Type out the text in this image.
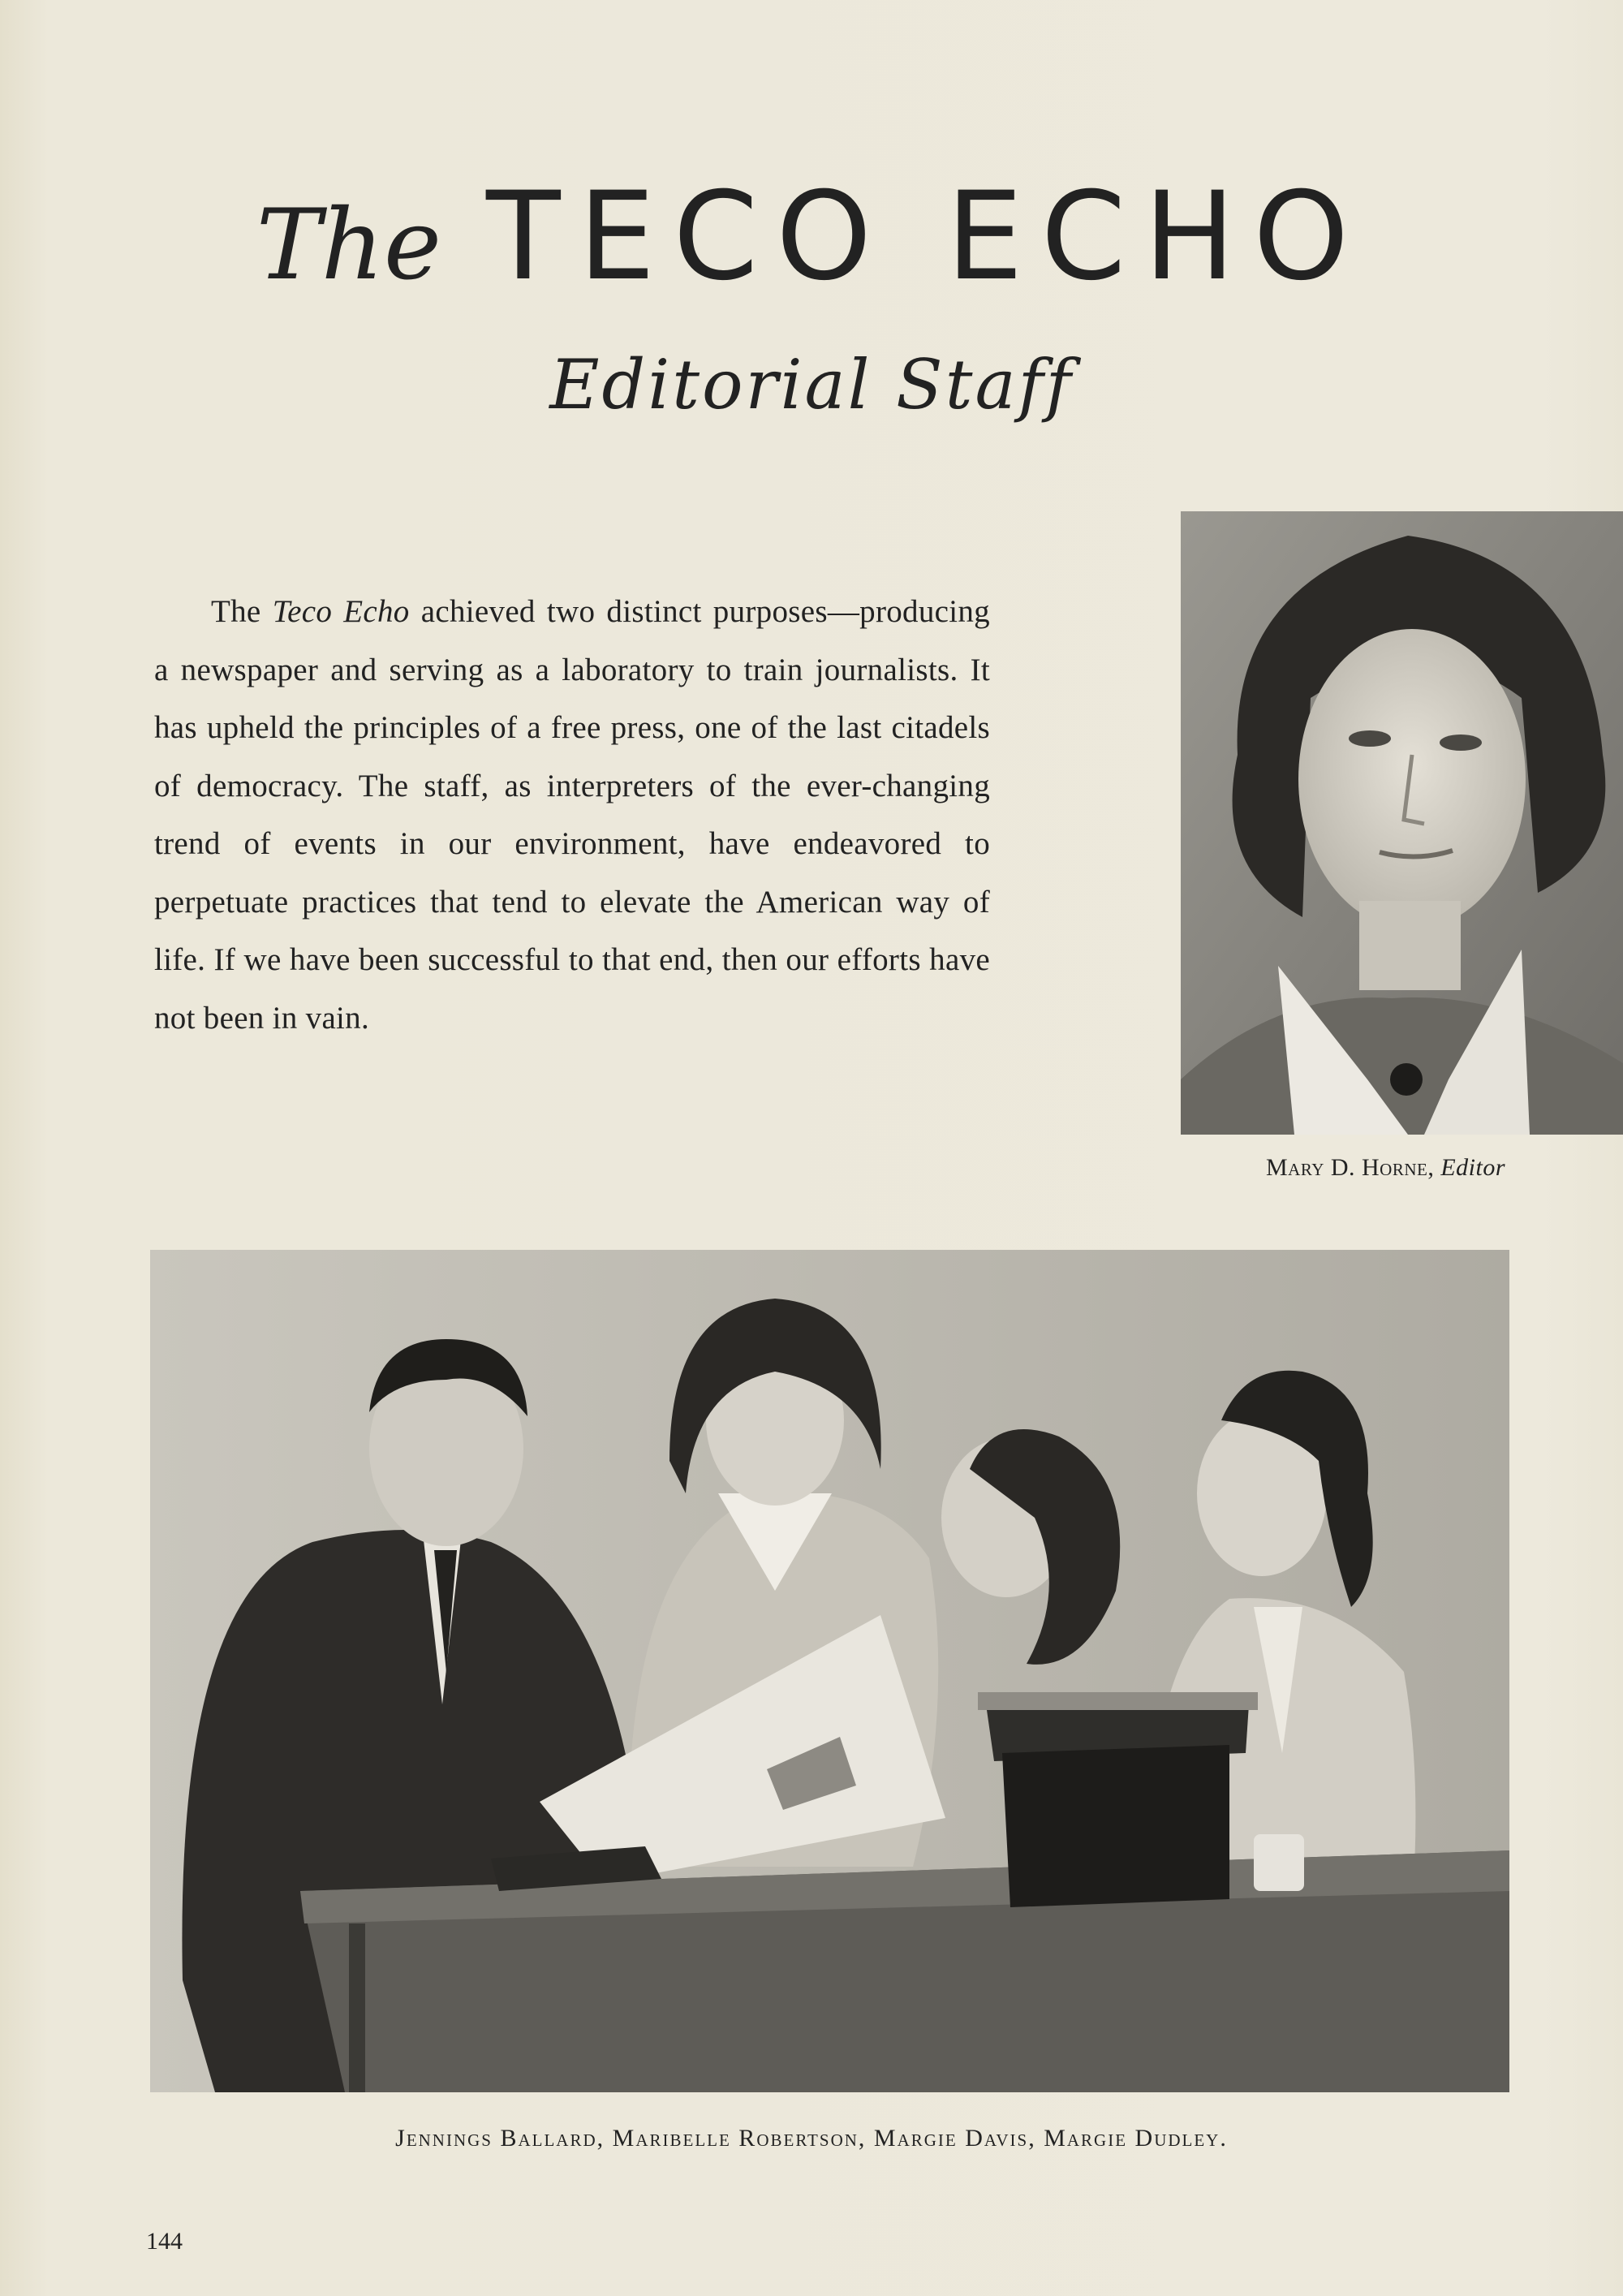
The TECO ECHO
Editorial Staff

The Teco Echo achieved two distinct purposes—producing a newspaper and serving as a laboratory to train journalists. It has upheld the principles of a free press, one of the last citadels of democracy. The staff, as interpreters of the ever-changing trend of events in our environment, have endeavored to perpetuate practices that tend to elevate the American way of life. If we have been successful to that end, then our efforts have not been in vain.

Mary D. Horne, Editor
Jennings Ballard, Maribelle Robertson, Margie Davis, Margie Dudley.
144
